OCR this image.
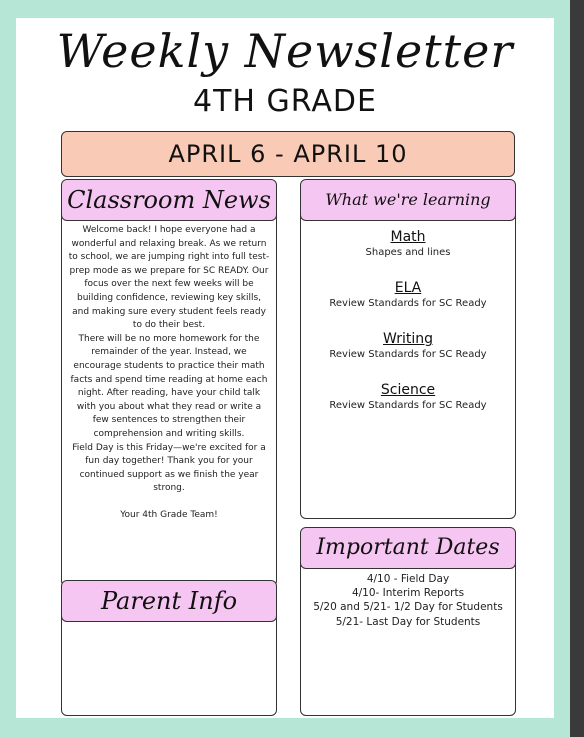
Weekly Newsletter
4TH GRADE
APRIL 6 - APRIL 10
Classroom News

Welcome back! I hope everyone had a wonderful and relaxing break. As we return to school, we are jumping right into full test-prep mode as we prepare for SC READY. Our focus over the next few weeks will be building confidence, reviewing key skills, and making sure every student feels ready to do their best.

There will be no more homework for the remainder of the year. Instead, we encourage students to practice their math facts and spend time reading at home each night. After reading, have your child talk with you about what they read or write a few sentences to strengthen their comprehension and writing skills.

Field Day is this Friday—we're excited for a fun day together! Thank you for your continued support as we finish the year strong.

Your 4th Grade Team!

What we're learning
Math
Shapes and lines
ELA
Review Standards for SC Ready
Writing
Review Standards for SC Ready
Science
Review Standards for SC Ready
Important Dates
4/10 - Field Day
4/10- Interim Reports
5/20 and 5/21- 1/2 Day for Students
5/21- Last Day for Students
Parent Info
